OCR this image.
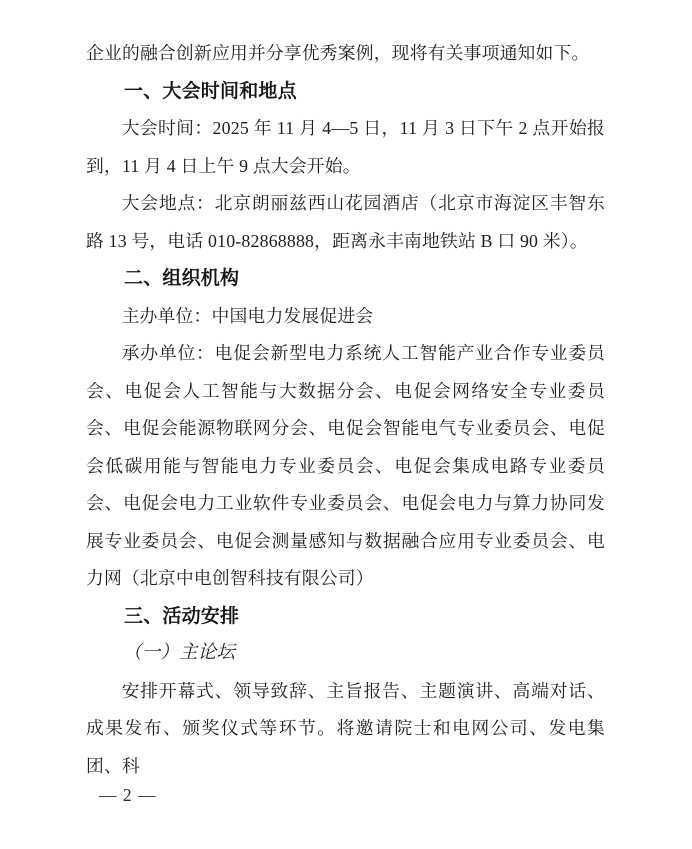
企业的融合创新应用并分享优秀案例，现将有关事项通知如下。

一、大会时间和地点

大会时间：2025 年 11 月 4—5 日，11 月 3 日下午 2 点开始报到，11 月 4 日上午 9 点大会开始。

大会地点：北京朗丽兹西山花园酒店（北京市海淀区丰智东路 13 号，电话 010-82868888，距离永丰南地铁站 B 口 90 米）。

二、组织机构

主办单位：中国电力发展促进会

承办单位：电促会新型电力系统人工智能产业合作专业委员会、电促会人工智能与大数据分会、电促会网络安全专业委员会、电促会能源物联网分会、电促会智能电气专业委员会、电促会低碳用能与智能电力专业委员会、电促会集成电路专业委员会、电促会电力工业软件专业委员会、电促会电力与算力协同发展专业委员会、电促会测量感知与数据融合应用专业委员会、电力网（北京中电创智科技有限公司）

三、活动安排

（一）主论坛

安排开幕式、领导致辞、主旨报告、主题演讲、高端对话、成果发布、颁奖仪式等环节。将邀请院士和电网公司、发电集团、科

— 2 —
